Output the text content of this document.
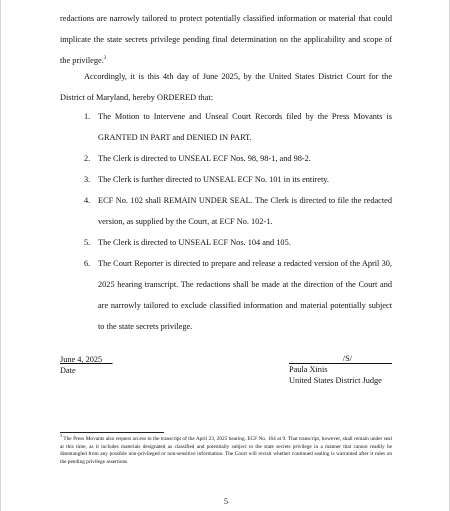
redactions are narrowly tailored to protect potentially classified information or material that could implicate the state secrets privilege pending final determination on the applicability and scope of the privilege.$^3$
Accordingly, it is this 4th day of June 2025, by the United States District Court for the District of Maryland, hereby ORDERED that:
1. The Motion to Intervene and Unseal Court Records filed by the Press Movants is GRANTED IN PART and DENIED IN PART.
2. The Clerk is directed to UNSEAL ECF Nos. 98, 98-1, and 98-2.
3. The Clerk is further directed to UNSEAL ECF No. 101 in its entirety.
4. ECF No. 102 shall REMAIN UNDER SEAL. The Clerk is directed to file the redacted version, as supplied by the Court, at ECF No. 102-1.
5. The Clerk is directed to UNSEAL ECF Nos. 104 and 105.
6. The Court Reporter is directed to prepare and release a redacted version of the April 30, 2025 hearing transcript. The redactions shall be made at the direction of the Court and are narrowly tailored to exclude classified information and material potentially subject to the state secrets privilege.
June 4, 2025
Date
/S/
Paula Xinis
United States District Judge
$^3$ The Press Movants also request access to the transcript of the April 23, 2025 hearing. ECF No. 164 at 9. That transcript, however, shall remain under seal at this time, as it includes materials designated as classified and potentially subject to the state secrets privilege in a manner that cannot readily be disentangled from any possible non-privileged or non-sensitive information. The Court will revisit whether continued sealing is warranted after it rules on the pending privilege assertions.
5
